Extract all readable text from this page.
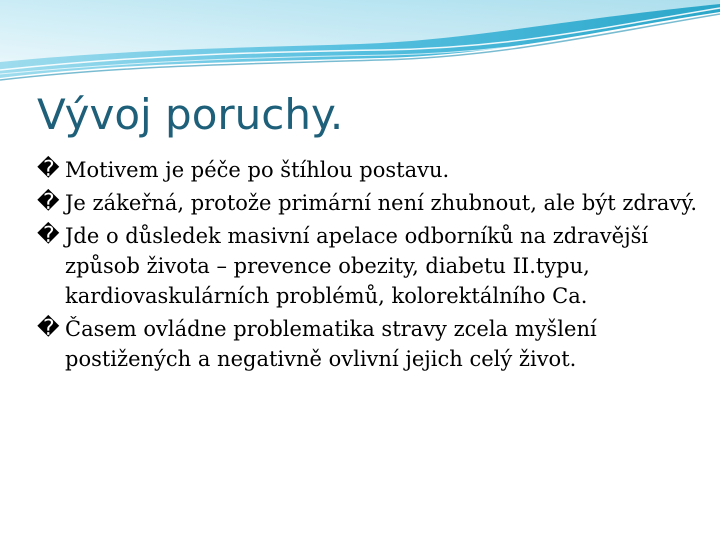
Vývoj poruchy.
� Motivem je péče po štíhlou postavu.
� Je zákeřná, protože primární není zhubnout, ale být zdravý.
� Jde o důsledek masivní apelace odborníků na zdravější způsob života – prevence obezity, diabetu II.typu, kardiovaskulárních problémů, kolorektálního Ca.
� Časem ovládne problematika stravy zcela myšlení postižených a negativně ovlivní jejich celý život.
